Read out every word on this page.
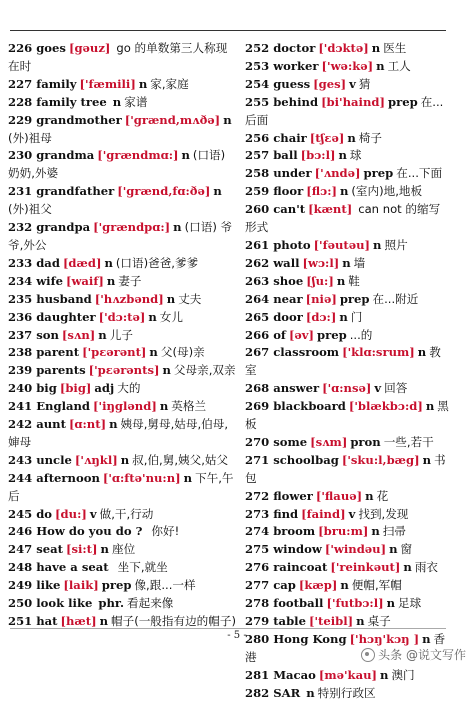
226 goes [gəuz] go 的单数第三人称现在时
227 family ['fæmili] n 家,家庭
228 family tree n 家谱
229 grandmother ['grænd,mʌðə] n(外)祖母
230 grandma ['grændmɑ:] n (口语) 奶奶,外婆
231 grandfather ['grænd,fɑ:ðə] n(外)祖父
232 grandpa ['grændpɑ:] n (口语) 爷爷,外公
233 dad [dæd] n (口语)爸爸,爹爹
234 wife [waif] n 妻子
235 husband ['hʌzbənd] n 丈夫
236 daughter ['dɔ:tə] n 女儿
237 son [sʌn] n 儿子
238 parent ['pɛərənt] n 父(母)亲
239 parents ['pɛərənts] n 父母亲,双亲
240 big [big] adj 大的
241 England ['iŋglənd] n 英格兰
242 aunt [ɑ:nt] n 姨母,舅母,姑母,伯母,婶母
243 uncle ['ʌŋkl] n 叔,伯,舅,姨父,姑父
244 afternoon ['ɑ:ftə'nu:n] n 下午,午后
245 do [du:] v 做,干,行动
246 How do you do ? 你好!
247 seat [si:t] n 座位
248 have a seat 坐下,就坐
249 like [laik] prep 像,跟...一样
250 look like phr. 看起来像
251 hat [hæt] n 帽子(一般指有边的帽子)
252 doctor ['dɔktə] n 医生
253 worker ['wə:kə] n 工人
254 guess [ges] v 猜
255 behind [bi'haind] prep 在...后面
256 chair [tʃɛə] n 椅子
257 ball [bɔ:l] n 球
258 under ['ʌndə] prep 在...下面
259 floor [flɔ:] n (室内)地,地板
260 can't [kænt] can not 的缩写形式
261 photo ['fəutəu] n 照片
262 wall [wɔ:l] n 墙
263 shoe [ʃu:] n 鞋
264 near [niə] prep 在...附近
265 door [dɔ:] n 门
266 of [əv] prep ...的
267 classroom ['klɑ:srum] n 教室
268 answer ['ɑ:nsə] v 回答
269 blackboard ['blækbɔ:d] n 黑板
270 some [sʌm] pron 一些,若干
271 schoolbag ['sku:l,bæg] n 书包
272 flower ['flauə] n 花
273 find [faind] v 找到,发现
274 broom [bru:m] n 扫帚
275 window ['windəu] n 窗
276 raincoat ['reinkəut] n 雨衣
277 cap [kæp] n 便帽,军帽
278 football ['futbɔ:l] n 足球
279 table ['teibl] n 桌子
280 Hong Kong ['hɔŋ'kɔŋ ] n 香港
281 Macao [mə'kau] n 澳门
282 SAR n 特别行政区
- 5 -
头条 @说文写作
